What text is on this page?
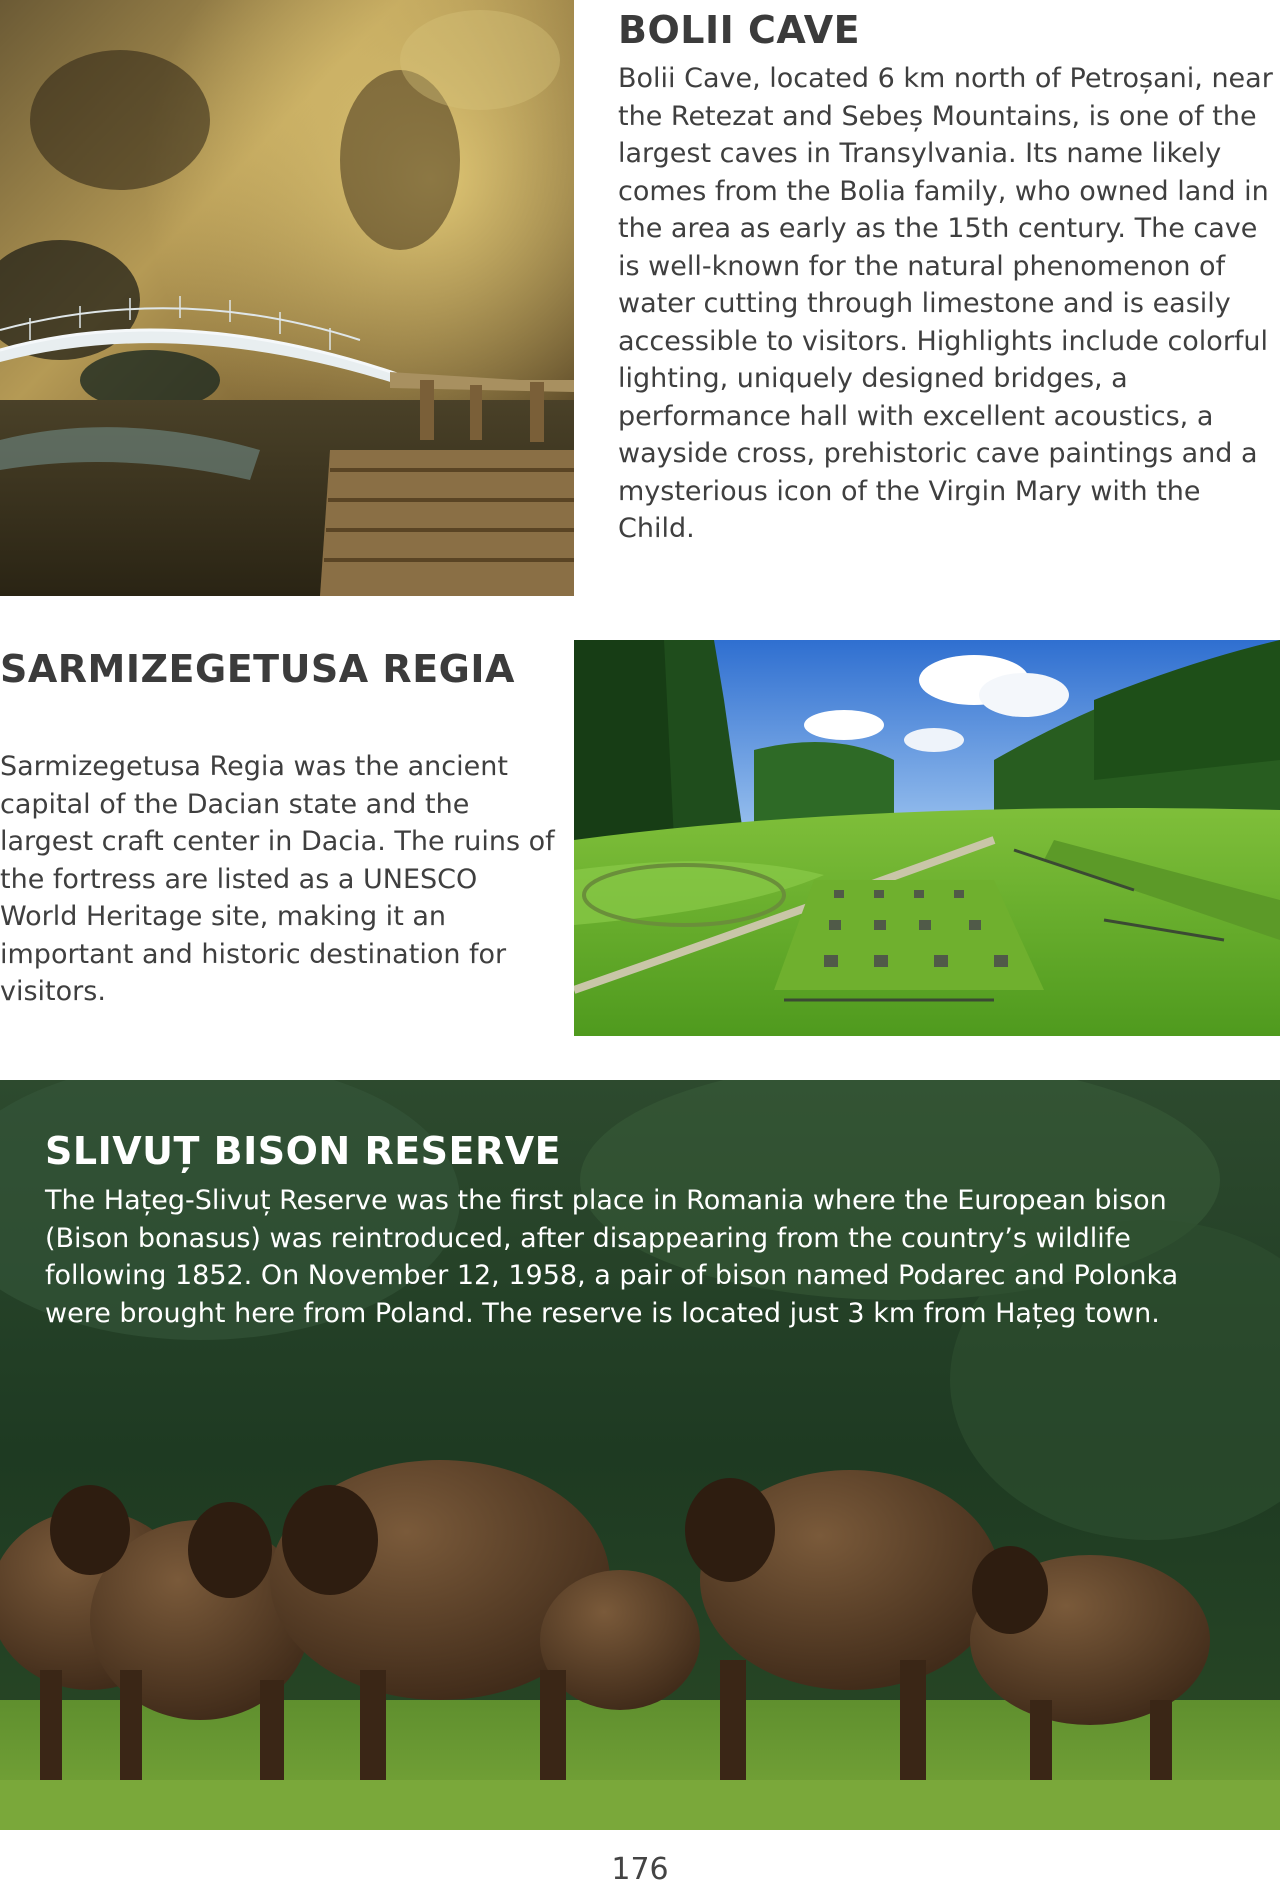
BOLII CAVE

Bolii Cave, located 6 km north of Petroșani, near the Retezat and Sebeș Mountains, is one of the largest caves in Transylvania. Its name likely comes from the Bolia family, who owned land in the area as early as the 15th century. The cave is well-known for the natural phenomenon of water cutting through limestone and is easily accessible to visitors. Highlights include colorful lighting, uniquely designed bridges, a performance hall with excellent acoustics, a wayside cross, prehistoric cave paintings and a mysterious icon of the Virgin Mary with the Child.

SARMIZEGETUSA REGIA

Sarmizegetusa Regia was the ancient capital of the Dacian state and the largest craft center in Dacia. The ruins of the fortress are listed as a UNESCO World Heritage site, making it an important and historic destination for visitors.

SLIVUȚ BISON RESERVE

The Hațeg-Slivuț Reserve was the first place in Romania where the European bison (Bison bonasus) was reintroduced, after disappearing from the country’s wildlife following 1852. On November 12, 1958, a pair of bison named Podarec and Polonka were brought here from Poland. The reserve is located just 3 km from Hațeg town.

176
